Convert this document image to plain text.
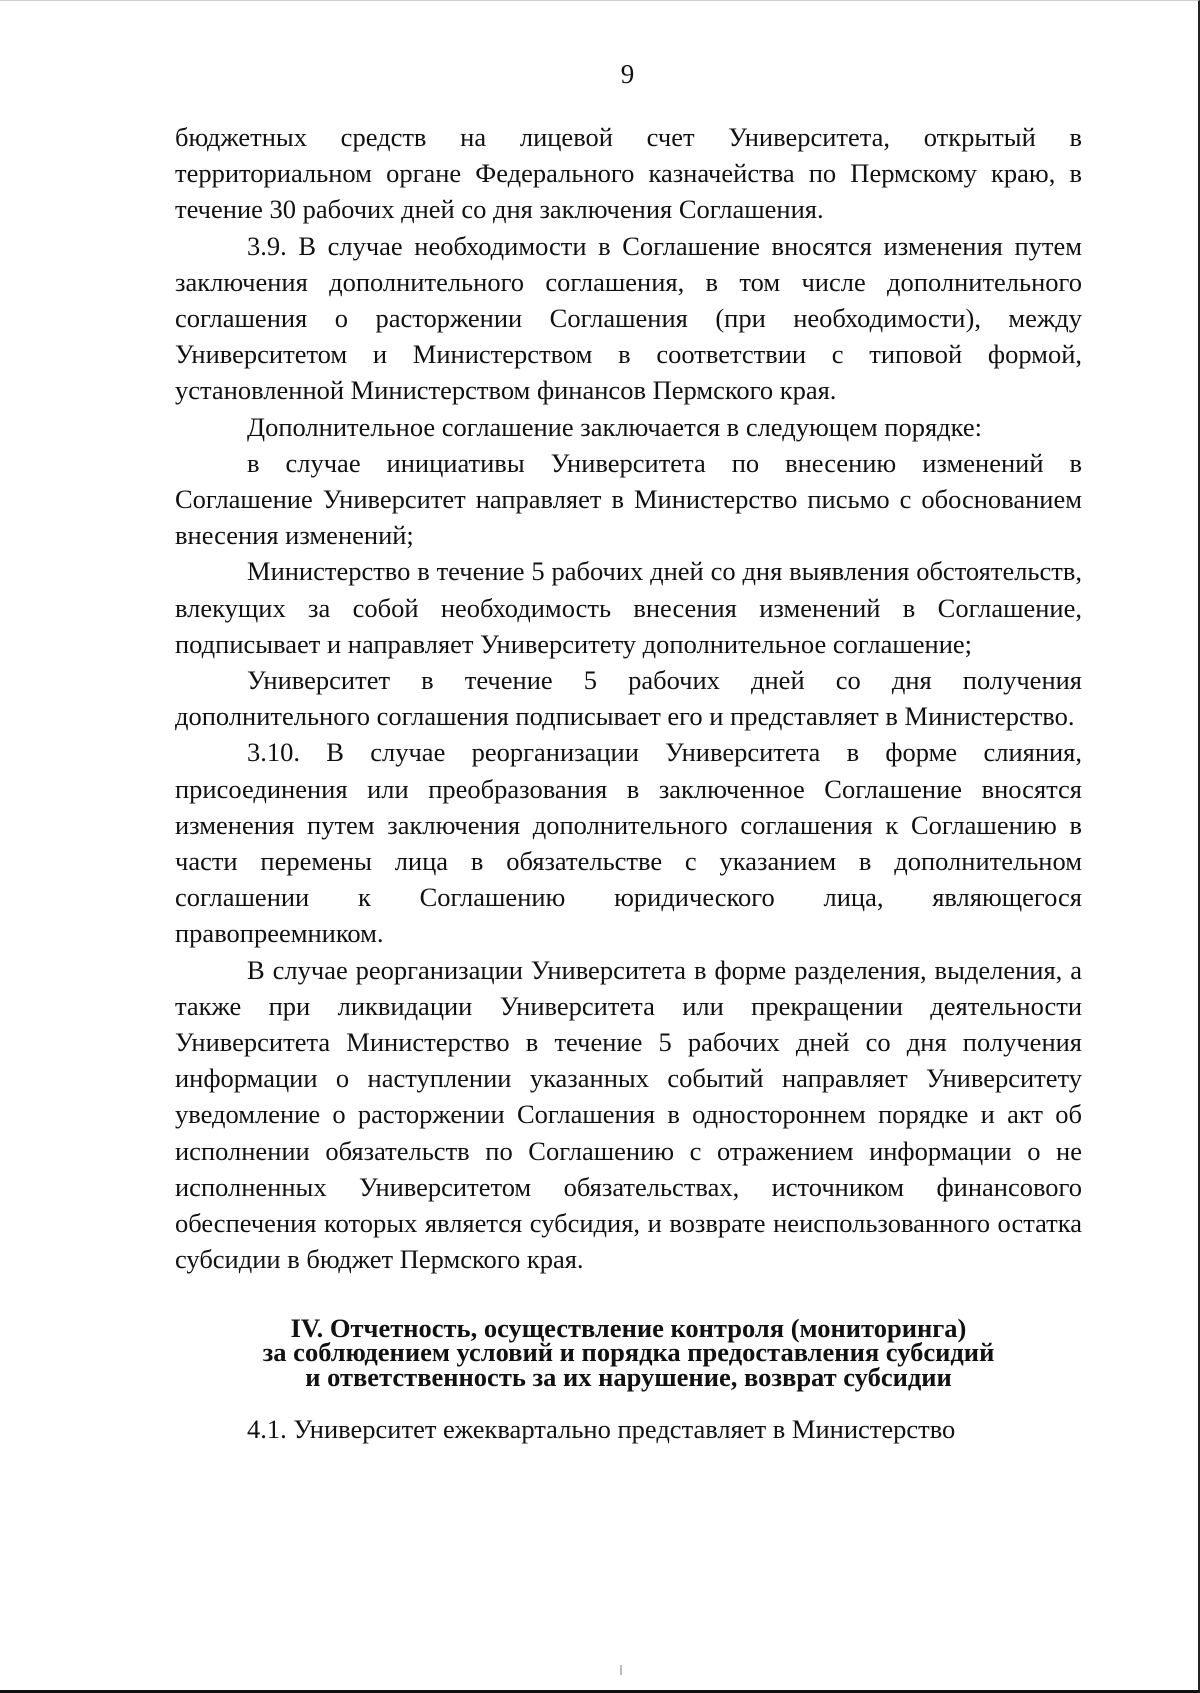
9

бюджетных средств на лицевой счет Университета, открытый в территориальном органе Федерального казначейства по Пермскому краю, в течение 30 рабочих дней со дня заключения Соглашения.

3.9. В случае необходимости в Соглашение вносятся изменения путем заключения дополнительного соглашения, в том числе дополнительного соглашения о расторжении Соглашения (при необходимости), между Университетом и Министерством в соответствии с типовой формой, установленной Министерством финансов Пермского края.

Дополнительное соглашение заключается в следующем порядке:

в случае инициативы Университета по внесению изменений в Соглашение Университет направляет в Министерство письмо с обоснованием внесения изменений;

Министерство в течение 5 рабочих дней со дня выявления обстоятельств, влекущих за собой необходимость внесения изменений в Соглашение, подписывает и направляет Университету дополнительное соглашение;

Университет в течение 5 рабочих дней со дня получения дополнительного соглашения подписывает его и представляет в Министерство.

3.10. В случае реорганизации Университета в форме слияния, присоединения или преобразования в заключенное Соглашение вносятся изменения путем заключения дополнительного соглашения к Соглашению в части перемены лица в обязательстве с указанием в дополнительном соглашении к Соглашению юридического лица, являющегося правопреемником.

В случае реорганизации Университета в форме разделения, выделения, а также при ликвидации Университета или прекращении деятельности Университета Министерство в течение 5 рабочих дней со дня получения информации о наступлении указанных событий направляет Университету уведомление о расторжении Соглашения в одностороннем порядке и акт об исполнении обязательств по Соглашению с отражением информации о не исполненных Университетом обязательствах, источником финансового обеспечения которых является субсидия, и возврате неиспользованного остатка субсидии в бюджет Пермского края.

IV. Отчетность, осуществление контроля (мониторинга)
за соблюдением условий и порядка предоставления субсидий
и ответственность за их нарушение, возврат субсидии

4.1. Университет ежеквартально представляет в Министерство
